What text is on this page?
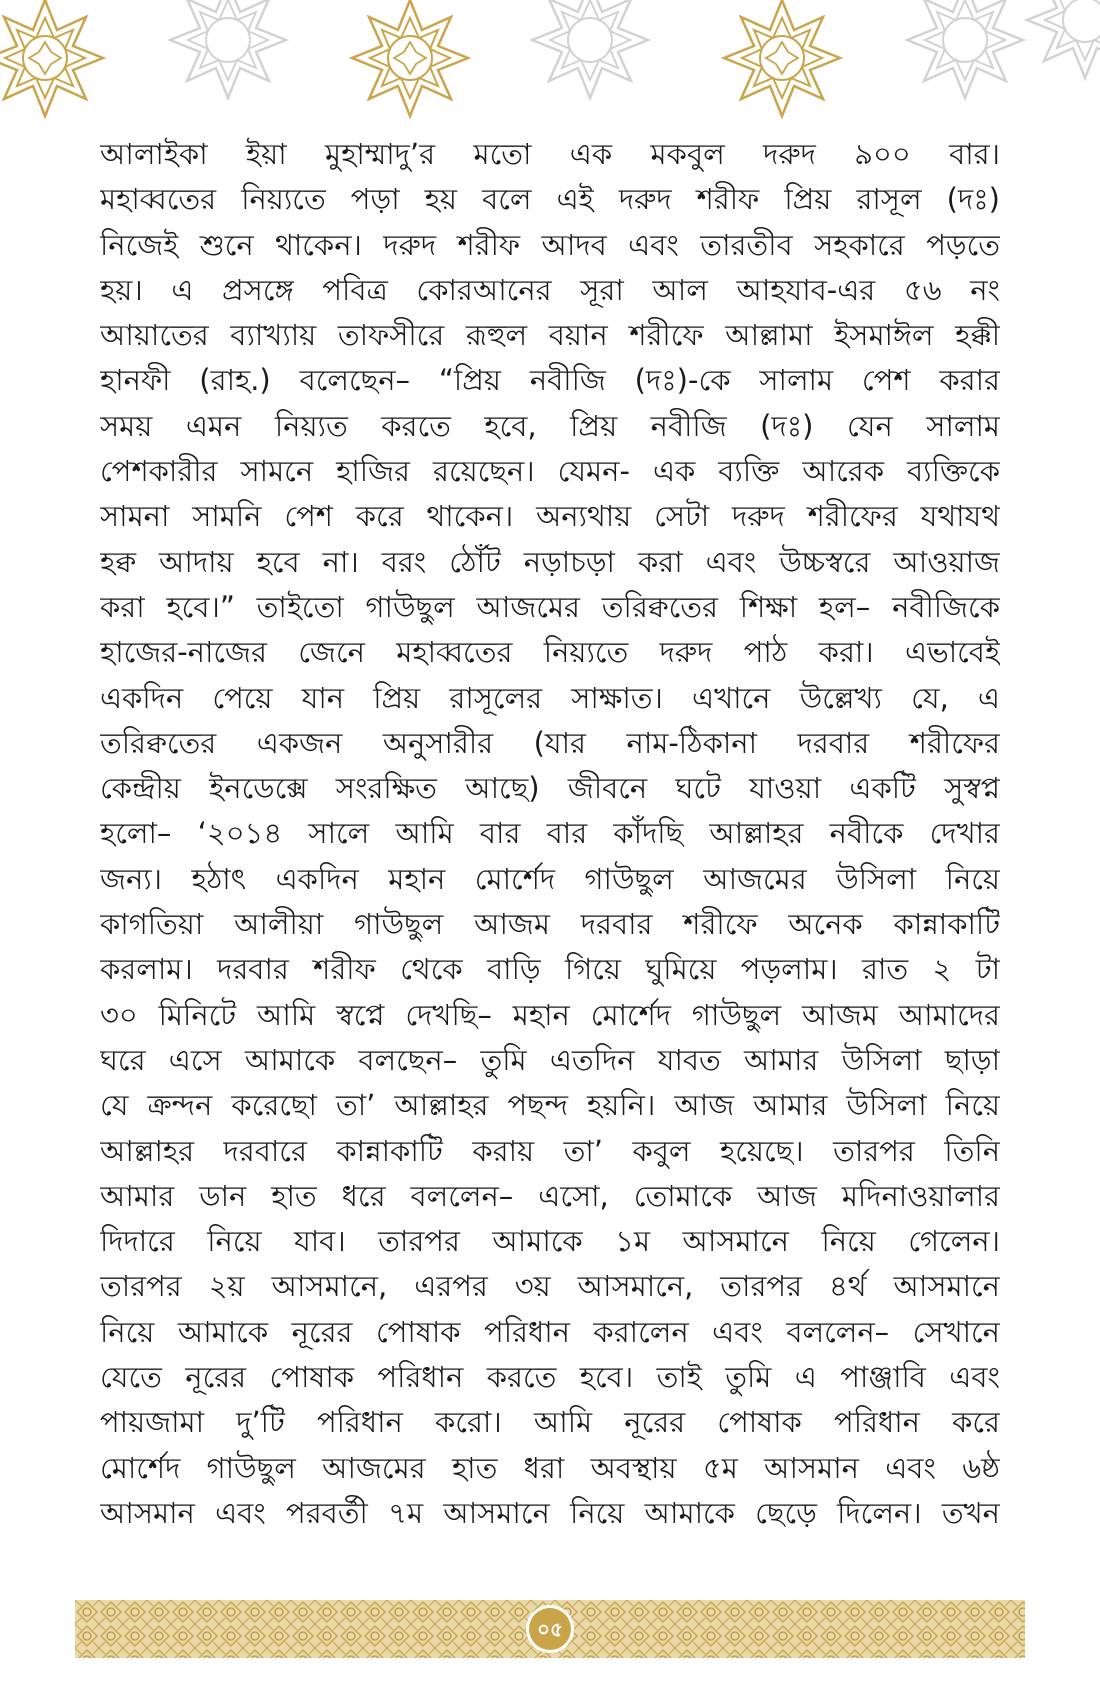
আলাইকা ইয়া মুহাম্মাদু’র মতো এক মকবুল দরুদ ৯০০ বার।
মহাব্বতের নিয়্যতে পড়া হয় বলে এই দরুদ শরীফ প্রিয় রাসূল (দঃ)
নিজেই শুনে থাকেন। দরুদ শরীফ আদব এবং তারতীব সহকারে পড়তে
হয়। এ প্রসঙ্গে পবিত্র কোরআনের সূরা আল আহযাব-এর ৫৬ নং
আয়াতের ব্যাখ্যায় তাফসীরে রূহুল বয়ান শরীফে আল্লামা ইসমাঈল হক্কী
হানফী (রাহ.) বলেছেন– “প্রিয় নবীজি (দঃ)-কে সালাম পেশ করার
সময় এমন নিয়্যত করতে হবে, প্রিয় নবীজি (দঃ) যেন সালাম
পেশকারীর সামনে হাজির রয়েছেন। যেমন- এক ব্যক্তি আরেক ব্যক্তিকে
সামনা সামনি পেশ করে থাকেন। অন্যথায় সেটা দরুদ শরীফের যথাযথ
হক্ব আদায় হবে না। বরং ঠোঁট নড়াচড়া করা এবং উচ্চস্বরে আওয়াজ
করা হবে।” তাইতো গাউছুল আজমের তরিক্বতের শিক্ষা হল– নবীজিকে
হাজের-নাজের জেনে মহাব্বতের নিয়্যতে দরুদ পাঠ করা। এভাবেই
একদিন পেয়ে যান প্রিয় রাসূলের সাক্ষাত। এখানে উল্লেখ্য যে, এ
তরিক্বতের একজন অনুসারীর (যার নাম-ঠিকানা দরবার শরীফের
কেন্দ্রীয় ইনডেক্সে সংরক্ষিত আছে) জীবনে ঘটে যাওয়া একটি সুস্বপ্ন
হলো– ‘২০১৪ সালে আমি বার বার কাঁদছি আল্লাহর নবীকে দেখার
জন্য। হঠাৎ একদিন মহান মোর্শেদ গাউছুল আজমের উসিলা নিয়ে
কাগতিয়া আলীয়া গাউছুল আজম দরবার শরীফে অনেক কান্নাকাটি
করলাম। দরবার শরীফ থেকে বাড়ি গিয়ে ঘুমিয়ে পড়লাম। রাত ২ টা
৩০ মিনিটে আমি স্বপ্নে দেখছি– মহান মোর্শেদ গাউছুল আজম আমাদের
ঘরে এসে আমাকে বলছেন– তুমি এতদিন যাবত আমার উসিলা ছাড়া
যে ক্রন্দন করেছো তা’ আল্লাহর পছন্দ হয়নি। আজ আমার উসিলা নিয়ে
আল্লাহর দরবারে কান্নাকাটি করায় তা’ কবুল হয়েছে। তারপর তিনি
আমার ডান হাত ধরে বললেন– এসো, তোমাকে আজ মদিনাওয়ালার
দিদারে নিয়ে যাব। তারপর আমাকে ১ম আসমানে নিয়ে গেলেন।
তারপর ২য় আসমানে, এরপর ৩য় আসমানে, তারপর ৪র্থ আসমানে
নিয়ে আমাকে নূরের পোষাক পরিধান করালেন এবং বললেন– সেখানে
যেতে নূরের পোষাক পরিধান করতে হবে। তাই তুমি এ পাঞ্জাবি এবং
পায়জামা দু’টি পরিধান করো। আমি নূরের পোষাক পরিধান করে
মোর্শেদ গাউছুল আজমের হাত ধরা অবস্থায় ৫ম আসমান এবং ৬ষ্ঠ
আসমান এবং পরবর্তী ৭ম আসমানে নিয়ে আমাকে ছেড়ে দিলেন। তখন
০৫
